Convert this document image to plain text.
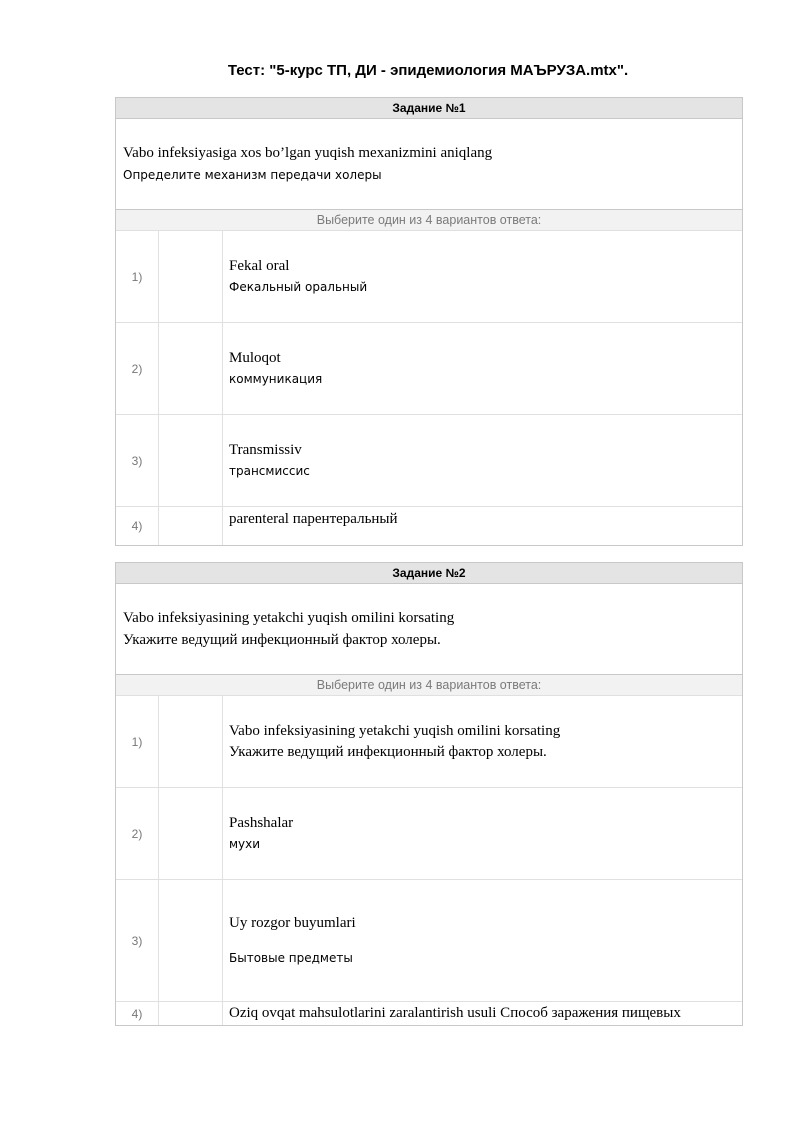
Тест: "5-курс ТП, ДИ - эпидемиология МАЪРУЗА.mtx".
Задание №1
Vabo infeksiyasiga xos bo’lgan yuqish mexanizmini aniqlang
Определите механизм передачи холеры
Выберите один из 4 вариантов ответа:
1)
Fekal oral
Фекальный оральный
2)
Muloqot
коммуникация
3)
Transmissiv
трансмиссис
4)	parenteral парентеральный
Задание №2
Vabo infeksiyasining yetakchi yuqish omilini korsating
Укажите ведущий инфекционный фактор холеры.
Выберите один из 4 вариантов ответа:
1)
Vabo infeksiyasining yetakchi yuqish omilini korsating
Укажите ведущий инфекционный фактор холеры.
2)
Pashshalar
мухи
3)
Uy rozgor buyumlari
Бытовые предметы
4)	Oziq ovqat mahsulotlarini zaralantirish usuli Способ заражения пищевых
